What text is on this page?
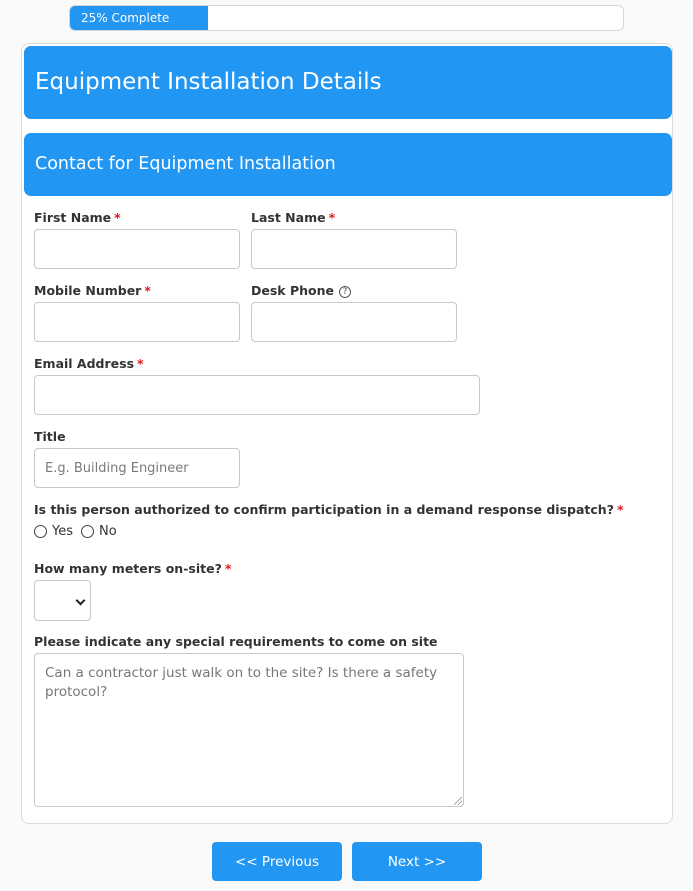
25% Complete
Equipment Installation Details
Contact for Equipment Installation
First Name *	Last Name *
Mobile Number *	Desk Phone ?
Email Address *
Title
E.g. Building Engineer
Is this person authorized to confirm participation in a demand response dispatch? *
Yes No
How many meters on-site? *
Please indicate any special requirements to come on site
Can a contractor just walk on to the site? Is there a safety protocol?
<< Previous	Next >>
